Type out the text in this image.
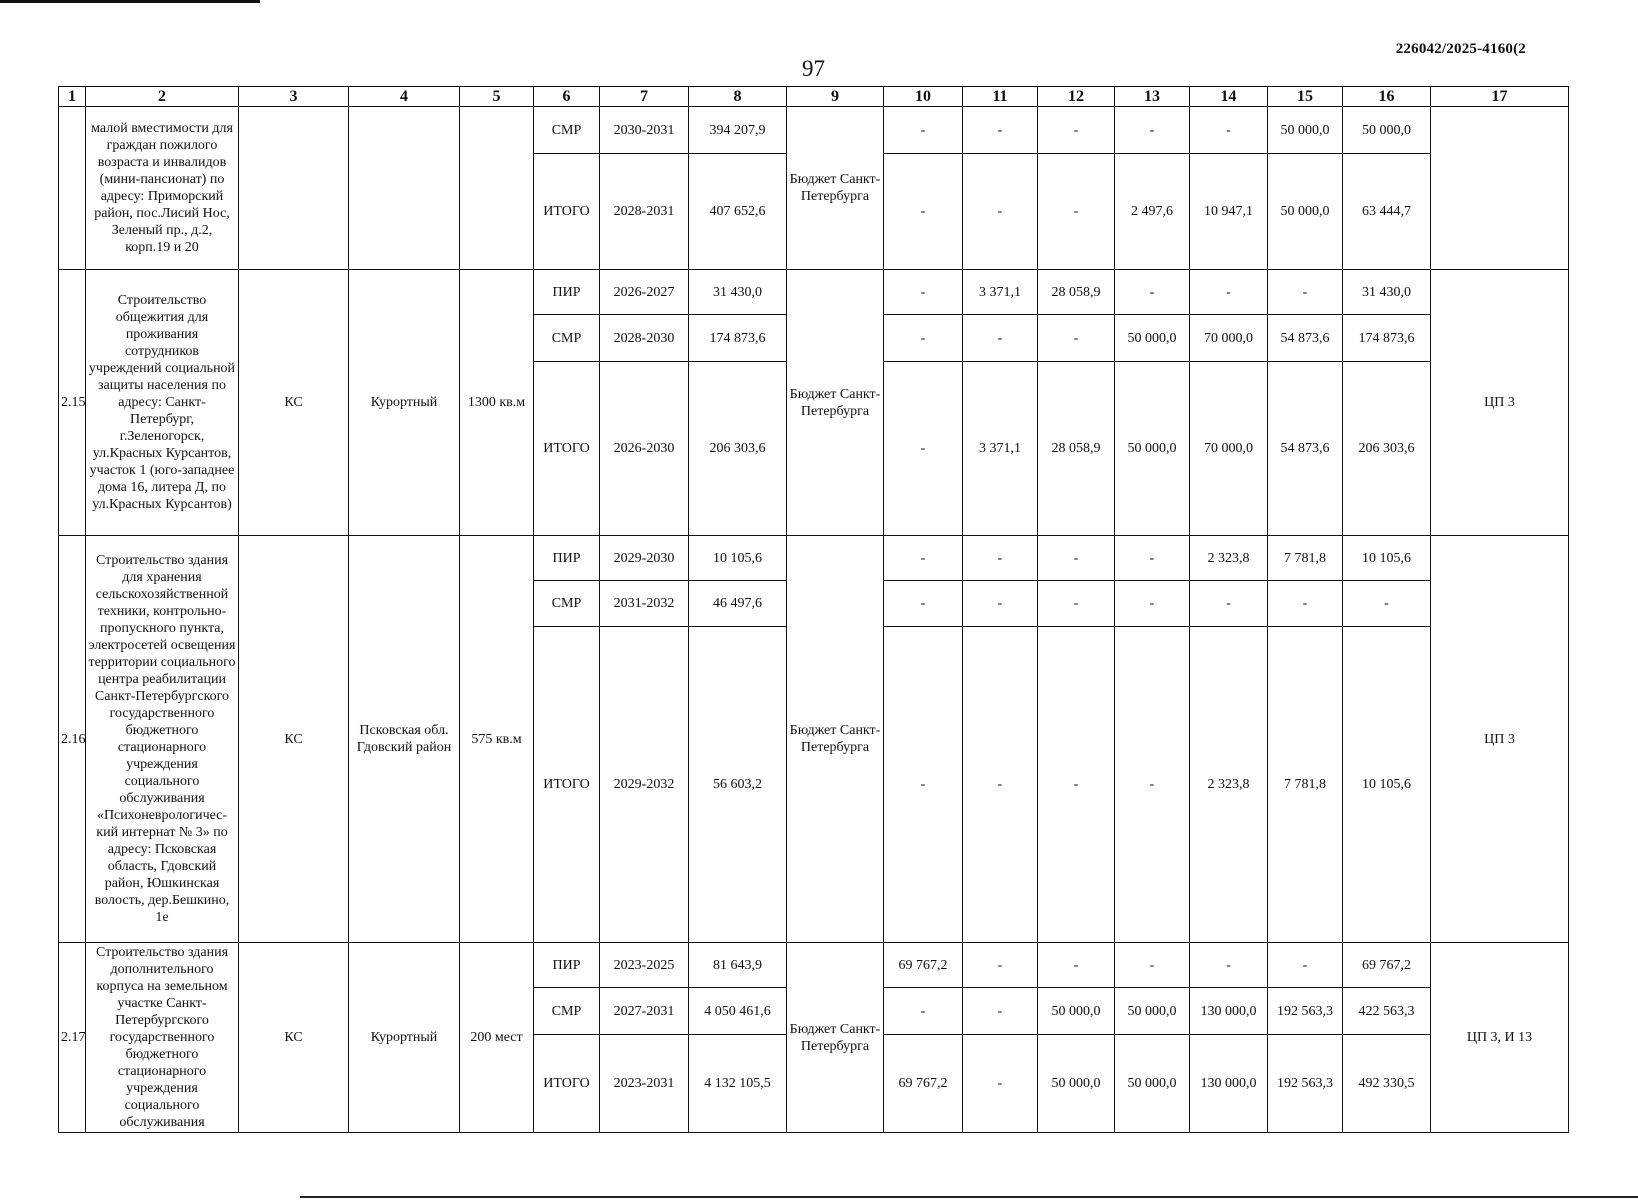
226042/2025-4160(2
97
1	2	3	4	5	6	7	8	9	10	11	12	13	14	15	16	17
	малой вместимости для граждан пожилого возраста и инвалидов (мини-пансионат) по адресу: Приморский район, пос.Лисий Нос, Зеленый пр., д.2, корп.19 и 20				СМР	2030-2031	394 207,9	Бюджет Санкт-Петербурга	-	-	-	-	-	50 000,0	50 000,0	
					ИТОГО	2028-2031	407 652,6		-	-	-	2 497,6	10 947,1	50 000,0	63 444,7	
2.15	Строительство общежития для проживания сотрудников учреждений социальной защиты населения по адресу: Санкт-Петербург, г.Зеленогорск, ул.Красных Курсантов, участок 1 (юго-западнее дома 16, литера Д, по ул.Красных Курсантов)	КС	Курортный	1300 кв.м	ПИР	2026-2027	31 430,0	Бюджет Санкт-Петербурга	-	3 371,1	28 058,9	-	-	-	31 430,0	ЦП 3
					СМР	2028-2030	174 873,6		-	-	-	50 000,0	70 000,0	54 873,6	174 873,6	
					ИТОГО	2026-2030	206 303,6		-	3 371,1	28 058,9	50 000,0	70 000,0	54 873,6	206 303,6	
2.16	Строительство здания для хранения сельскохозяйственной техники, контрольно-пропускного пункта, электросетей освещения территории социального центра реабилитации Санкт-Петербургского государственного бюджетного стационарного учреждения социального обслуживания «Психоневрологичес-кий интернат № 3» по адресу: Псковская область, Гдовский район, Юшкинская волость, дер.Бешкино, 1е	КС	Псковская обл. Гдовский район	575 кв.м	ПИР	2029-2030	10 105,6	Бюджет Санкт-Петербурга	-	-	-	-	2 323,8	7 781,8	10 105,6	ЦП 3
					СМР	2031-2032	46 497,6		-	-	-	-	-	-	-	
					ИТОГО	2029-2032	56 603,2		-	-	-	-	2 323,8	7 781,8	10 105,6	
2.17	Строительство здания дополнительного корпуса на земельном участке Санкт-Петербургского государственного бюджетного стационарного учреждения социального обслуживания	КС	Курортный	200 мест	ПИР	2023-2025	81 643,9	Бюджет Санкт-Петербурга	69 767,2	-	-	-	-	-	69 767,2	ЦП 3, И 13
					СМР	2027-2031	4 050 461,6		-	-	50 000,0	50 000,0	130 000,0	192 563,3	422 563,3	
					ИТОГО	2023-2031	4 132 105,5		69 767,2	-	50 000,0	50 000,0	130 000,0	192 563,3	492 330,5	
